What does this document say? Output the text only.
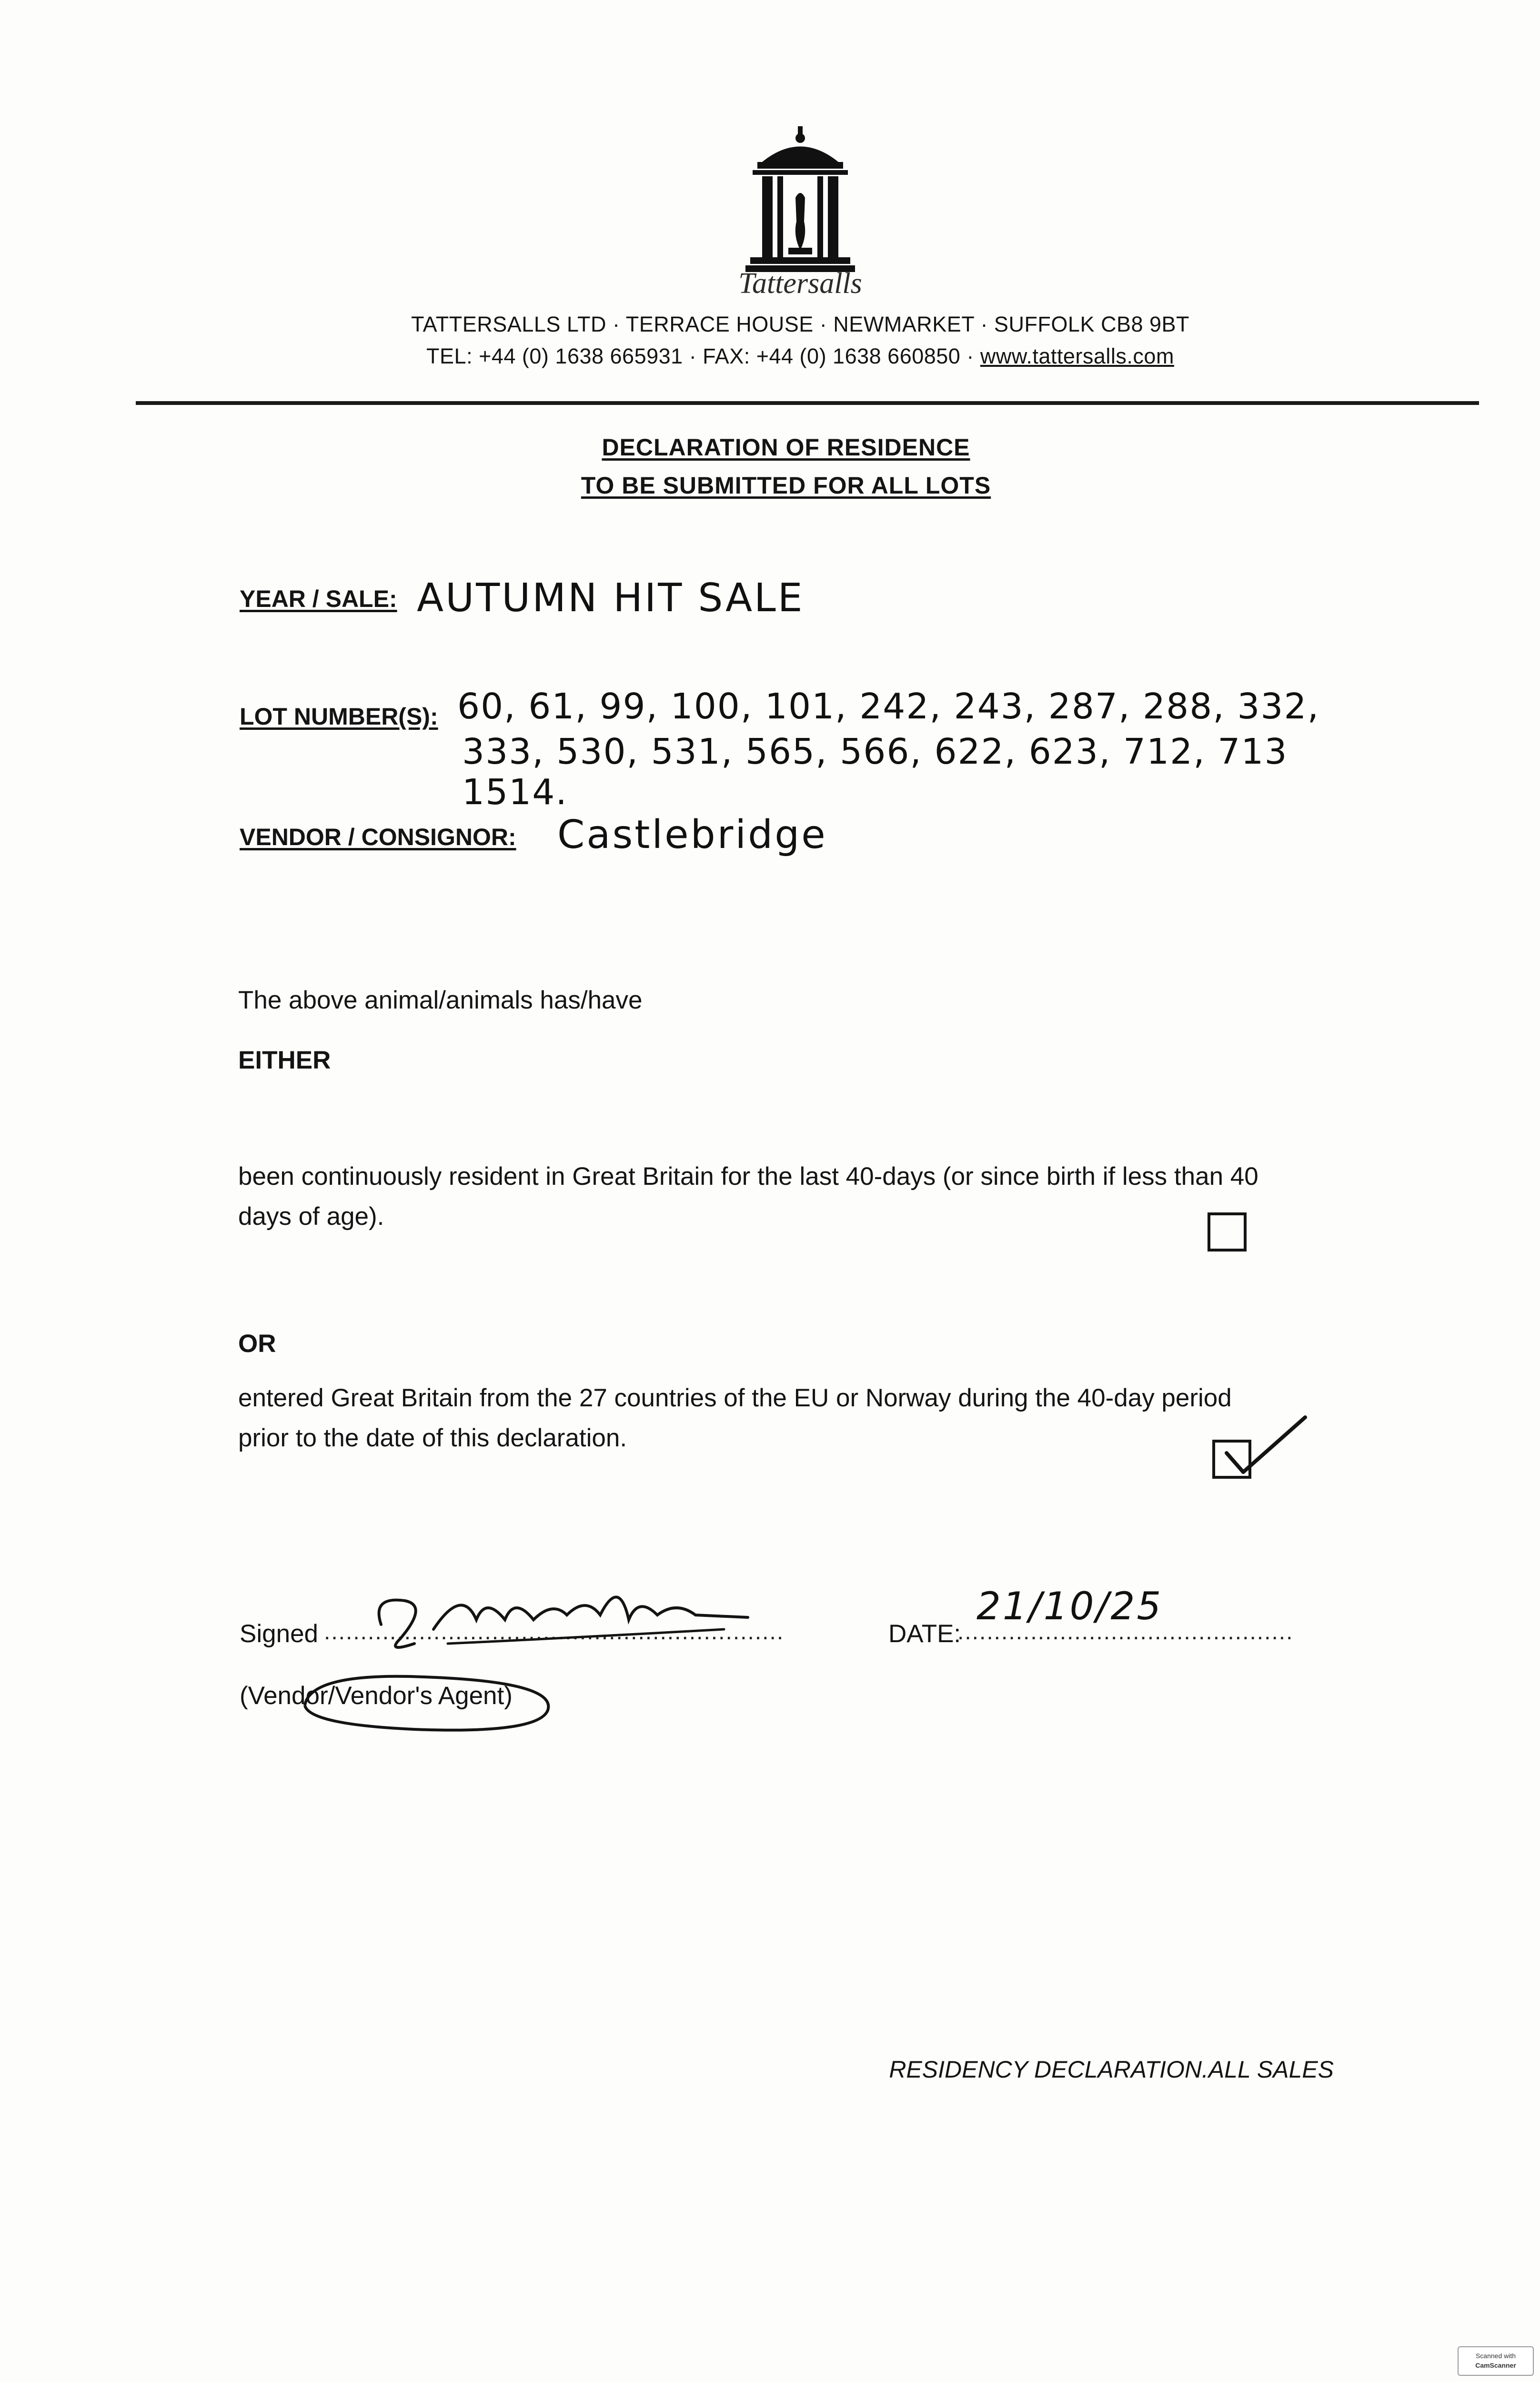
Tattersalls
TATTERSALLS LTD · TERRACE HOUSE · NEWMARKET · SUFFOLK CB8 9BT
TEL: +44 (0) 1638 665931 · FAX: +44 (0) 1638 660850 · www.tattersalls.com
DECLARATION OF RESIDENCE
TO BE SUBMITTED FOR ALL LOTS
YEAR / SALE: AUTUMN HIT SALE
LOT NUMBER(S): 60, 61, 99, 100, 101, 242, 243, 287, 288, 332,
333, 530, 531, 565, 566, 622, 623, 712, 713
1514.
VENDOR / CONSIGNOR: Castlebridge
The above animal/animals has/have
EITHER
been continuously resident in Great Britain for the last 40-days (or since birth if less than 40
days of age).
OR
entered Great Britain from the 27 countries of the EU or Norway during the 40-day period
prior to the date of this declaration.
Signed ...............................................................
(Vendor/Vendor's Agent)
DATE:
..............................................
21/10/25
RESIDENCY DECLARATION.ALL SALES
Scanned with
CamScanner
